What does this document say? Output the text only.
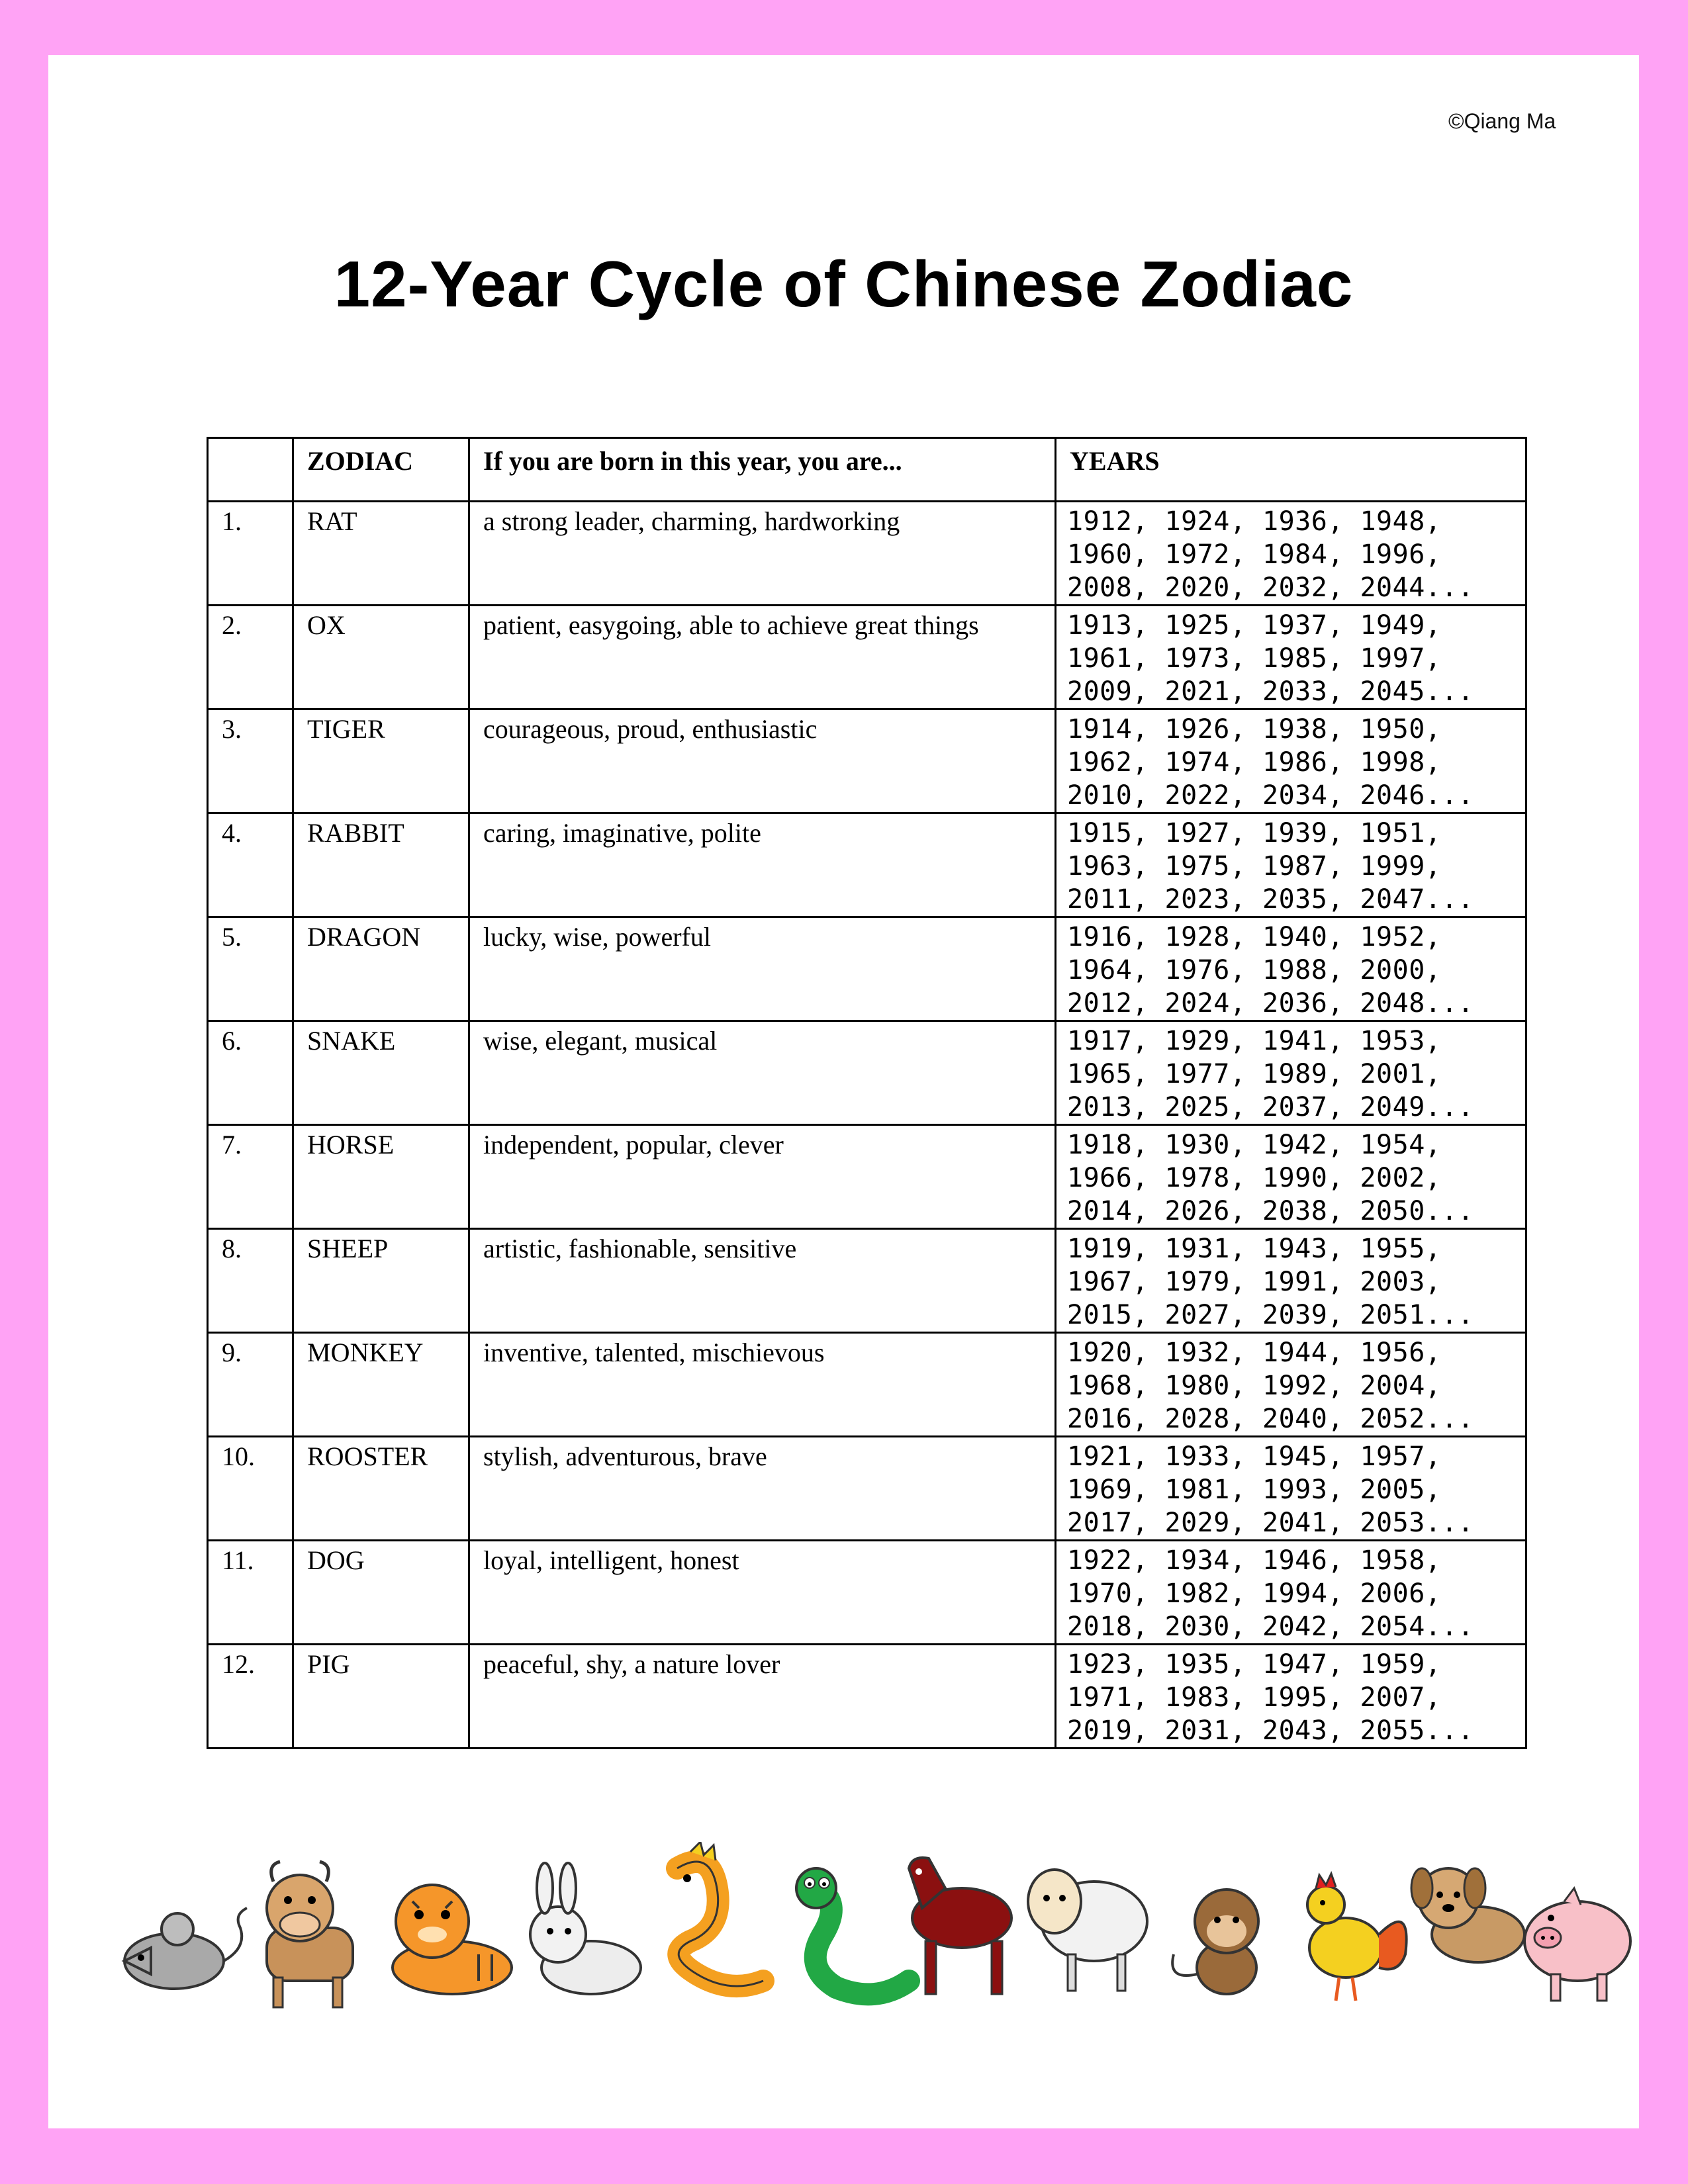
©Qiang Ma
12-Year Cycle of Chinese Zodiac
	ZODIAC	If you are born in this year, you are...	YEARS
1.	RAT	a strong leader, charming, hardworking	1912, 1924, 1936, 1948, 1960, 1972, 1984, 1996, 2008, 2020, 2032, 2044...
2.	OX	patient, easygoing, able to achieve great things	1913, 1925, 1937, 1949, 1961, 1973, 1985, 1997, 2009, 2021, 2033, 2045...
3.	TIGER	courageous, proud, enthusiastic	1914, 1926, 1938, 1950, 1962, 1974, 1986, 1998, 2010, 2022, 2034, 2046...
4.	RABBIT	caring, imaginative, polite	1915, 1927, 1939, 1951, 1963, 1975, 1987, 1999, 2011, 2023, 2035, 2047...
5.	DRAGON	lucky, wise, powerful	1916, 1928, 1940, 1952, 1964, 1976, 1988, 2000, 2012, 2024, 2036, 2048...
6.	SNAKE	wise, elegant, musical	1917, 1929, 1941, 1953, 1965, 1977, 1989, 2001, 2013, 2025, 2037, 2049...
7.	HORSE	independent, popular, clever	1918, 1930, 1942, 1954, 1966, 1978, 1990, 2002, 2014, 2026, 2038, 2050...
8.	SHEEP	artistic, fashionable, sensitive	1919, 1931, 1943, 1955, 1967, 1979, 1991, 2003, 2015, 2027, 2039, 2051...
9.	MONKEY	inventive, talented, mischievous	1920, 1932, 1944, 1956, 1968, 1980, 1992, 2004, 2016, 2028, 2040, 2052...
10.	ROOSTER	stylish, adventurous, brave	1921, 1933, 1945, 1957, 1969, 1981, 1993, 2005, 2017, 2029, 2041, 2053...
11.	DOG	loyal, intelligent, honest	1922, 1934, 1946, 1958, 1970, 1982, 1994, 2006, 2018, 2030, 2042, 2054...
12.	PIG	peaceful, shy, a nature lover	1923, 1935, 1947, 1959, 1971, 1983, 1995, 2007, 2019, 2031, 2043, 2055...
